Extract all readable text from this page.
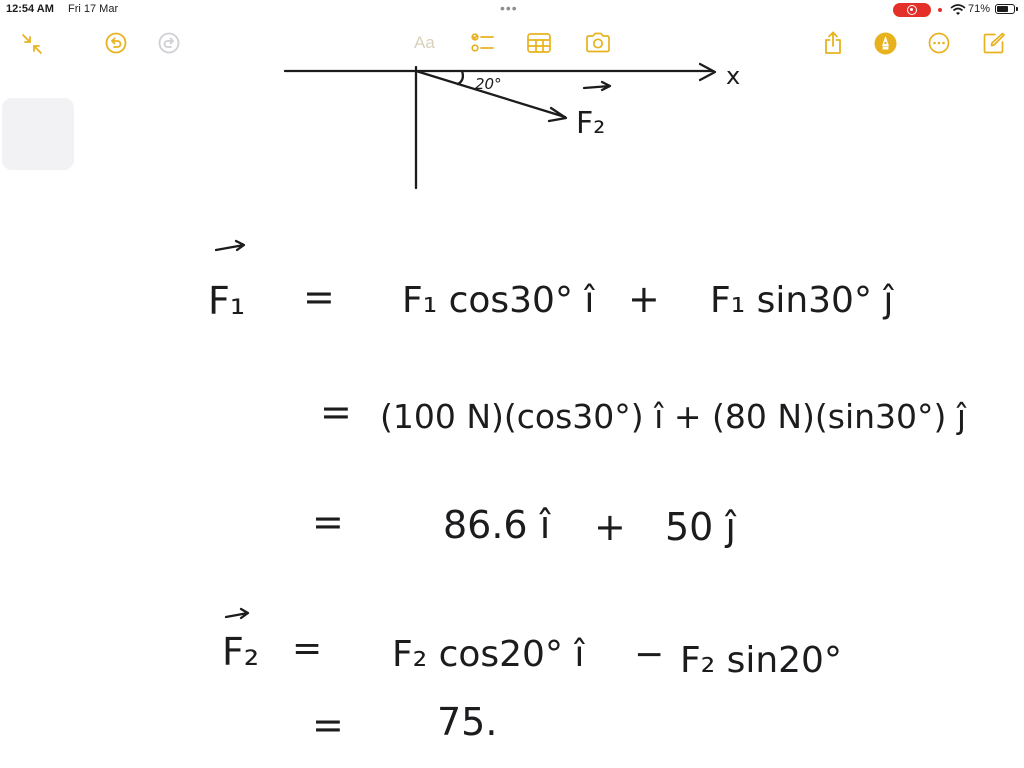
12:54 AM Fri 17 Mar	•••	71%
Aa
x
20°
F₂
F₁ = F₁ cos30° î + F₁ sin30° ĵ
= (100 N)(cos30°) î + (80 N)(sin30°) ĵ
=	86.6 î + 50 ĵ
F₂ = F₂ cos20° î − F₂ sin20°
= 75.
